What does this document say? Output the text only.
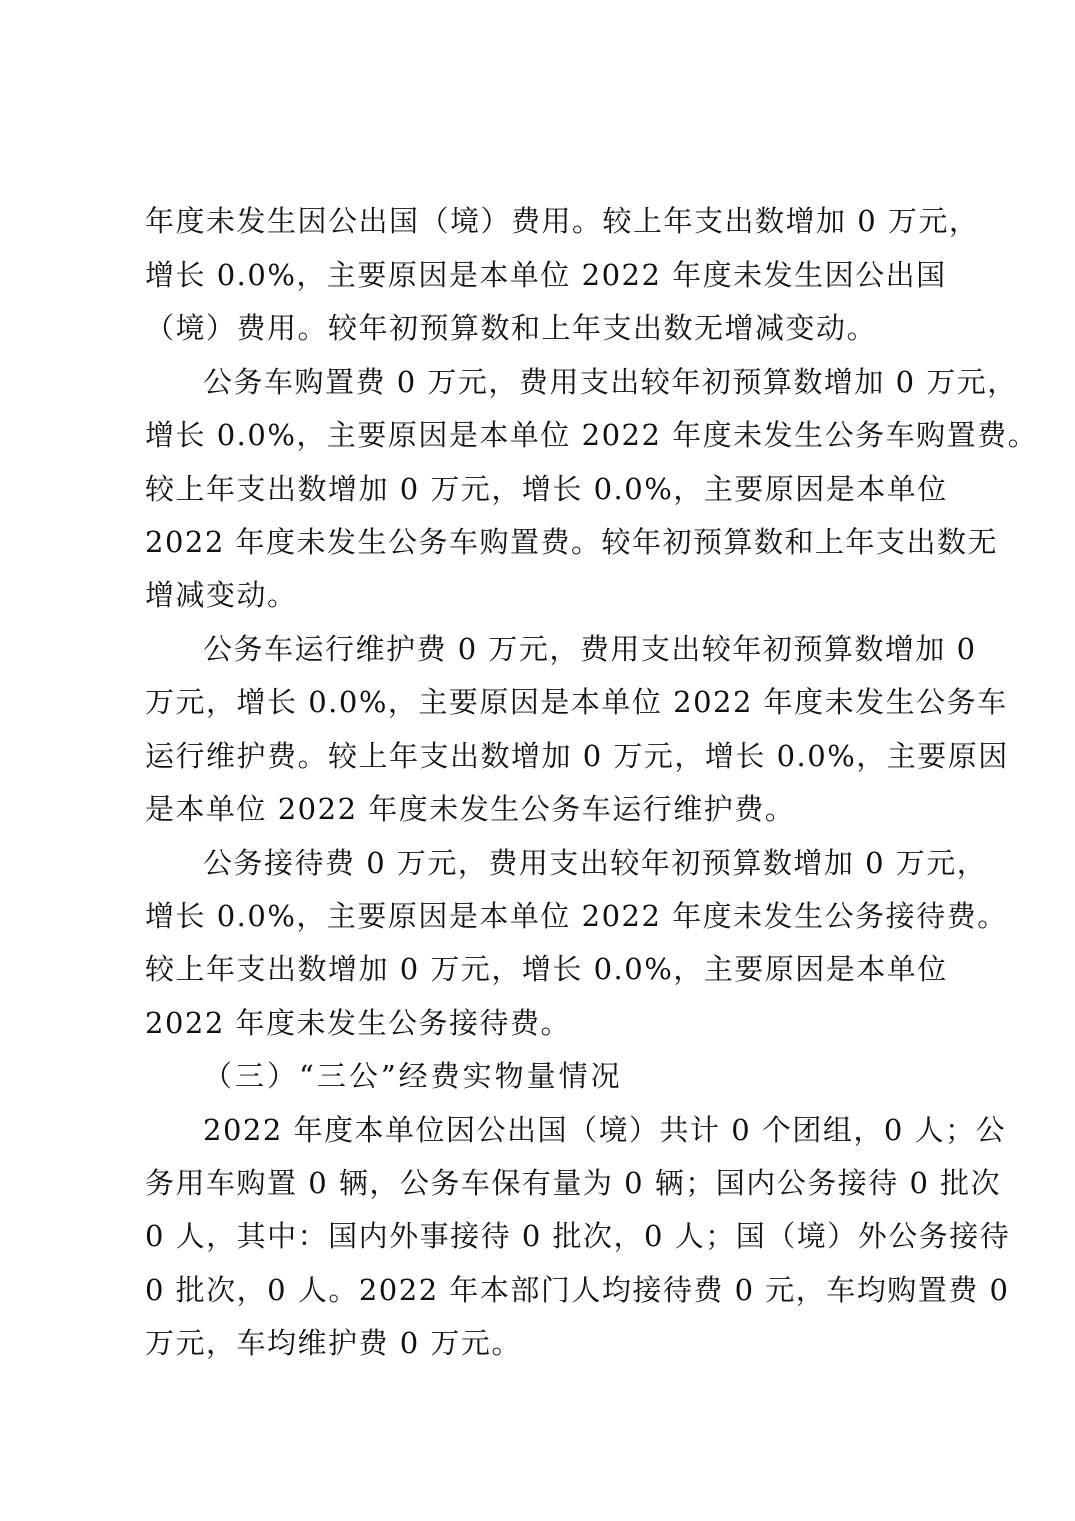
年度未发生因公出国（境）费用。较上年支出数增加 0 万元，
增长 0.0%，主要原因是本单位 2022 年度未发生因公出国
（境）费用。较年初预算数和上年支出数无增减变动。
公务车购置费 0 万元，费用支出较年初预算数增加 0 万元，
增长 0.0%，主要原因是本单位 2022 年度未发生公务车购置费。
较上年支出数增加 0 万元，增长 0.0%，主要原因是本单位
2022 年度未发生公务车购置费。较年初预算数和上年支出数无
增减变动。
公务车运行维护费 0 万元，费用支出较年初预算数增加 0
万元，增长 0.0%，主要原因是本单位 2022 年度未发生公务车
运行维护费。较上年支出数增加 0 万元，增长 0.0%，主要原因
是本单位 2022 年度未发生公务车运行维护费。
公务接待费 0 万元，费用支出较年初预算数增加 0 万元，
增长 0.0%，主要原因是本单位 2022 年度未发生公务接待费。
较上年支出数增加 0 万元，增长 0.0%，主要原因是本单位
2022 年度未发生公务接待费。
（三）“三公”经费实物量情况
2022 年度本单位因公出国（境）共计 0 个团组，0 人；公
务用车购置 0 辆，公务车保有量为 0 辆；国内公务接待 0 批次
0 人，其中：国内外事接待 0 批次，0 人；国（境）外公务接待
0 批次，0 人。2022 年本部门人均接待费 0 元，车均购置费 0
万元，车均维护费 0 万元。
